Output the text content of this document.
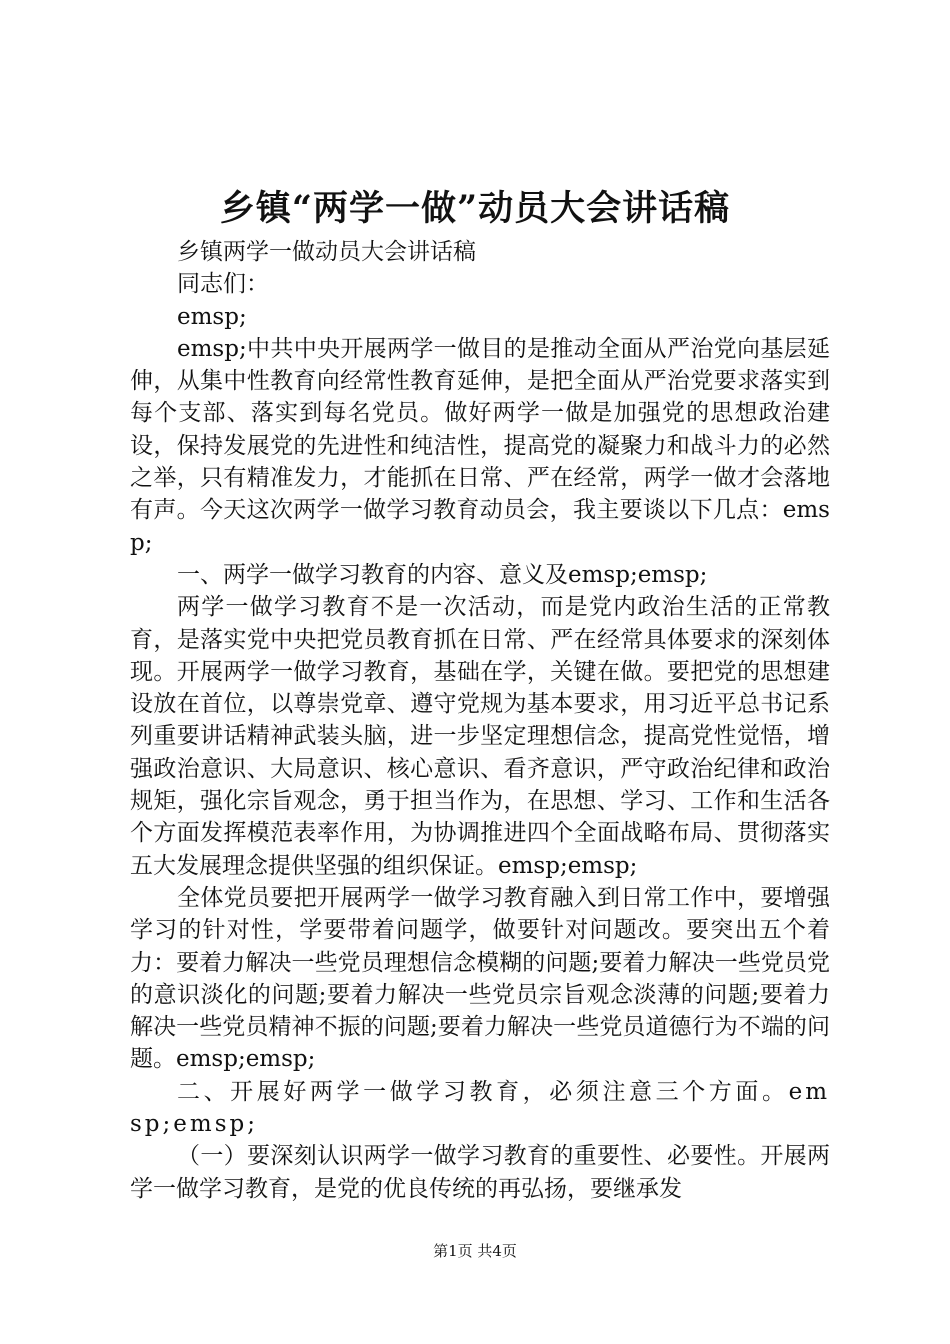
乡镇“两学一做”动员大会讲话稿

乡镇两学一做动员大会讲话稿

同志们：

emsp;

emsp;中共中央开展两学一做目的是推动全面从严治党向基层延伸，从集中性教育向经常性教育延伸，是把全面从严治党要求落实到每个支部、落实到每名党员。做好两学一做是加强党的思想政治建设，保持发展党的先进性和纯洁性，提高党的凝聚力和战斗力的必然之举，只有精准发力，才能抓在日常、严在经常，两学一做才会落地有声。今天这次两学一做学习教育动员会，我主要谈以下几点：emsp;

一、两学一做学习教育的内容、意义及emsp;emsp;

两学一做学习教育不是一次活动，而是党内政治生活的正常教育，是落实党中央把党员教育抓在日常、严在经常具体要求的深刻体现。开展两学一做学习教育，基础在学，关键在做。要把党的思想建设放在首位，以尊崇党章、遵守党规为基本要求，用习近平总书记系列重要讲话精神武装头脑，进一步坚定理想信念，提高党性觉悟，增强政治意识、大局意识、核心意识、看齐意识，严守政治纪律和政治规矩，强化宗旨观念，勇于担当作为，在思想、学习、工作和生活各个方面发挥模范表率作用，为协调推进四个全面战略布局、贯彻落实五大发展理念提供坚强的组织保证。emsp;emsp;

全体党员要把开展两学一做学习教育融入到日常工作中，要增强学习的针对性，学要带着问题学，做要针对问题改。要突出五个着力：要着力解决一些党员理想信念模糊的问题;要着力解决一些党员党的意识淡化的问题;要着力解决一些党员宗旨观念淡薄的问题;要着力解决一些党员精神不振的问题;要着力解决一些党员道德行为不端的问题。emsp;emsp;

二、开展好两学一做学习教育，必须注意三个方面。emsp;emsp;

（一）要深刻认识两学一做学习教育的重要性、必要性。开展两学一做学习教育，是党的优良传统的再弘扬，要继承发

第1页 共4页
